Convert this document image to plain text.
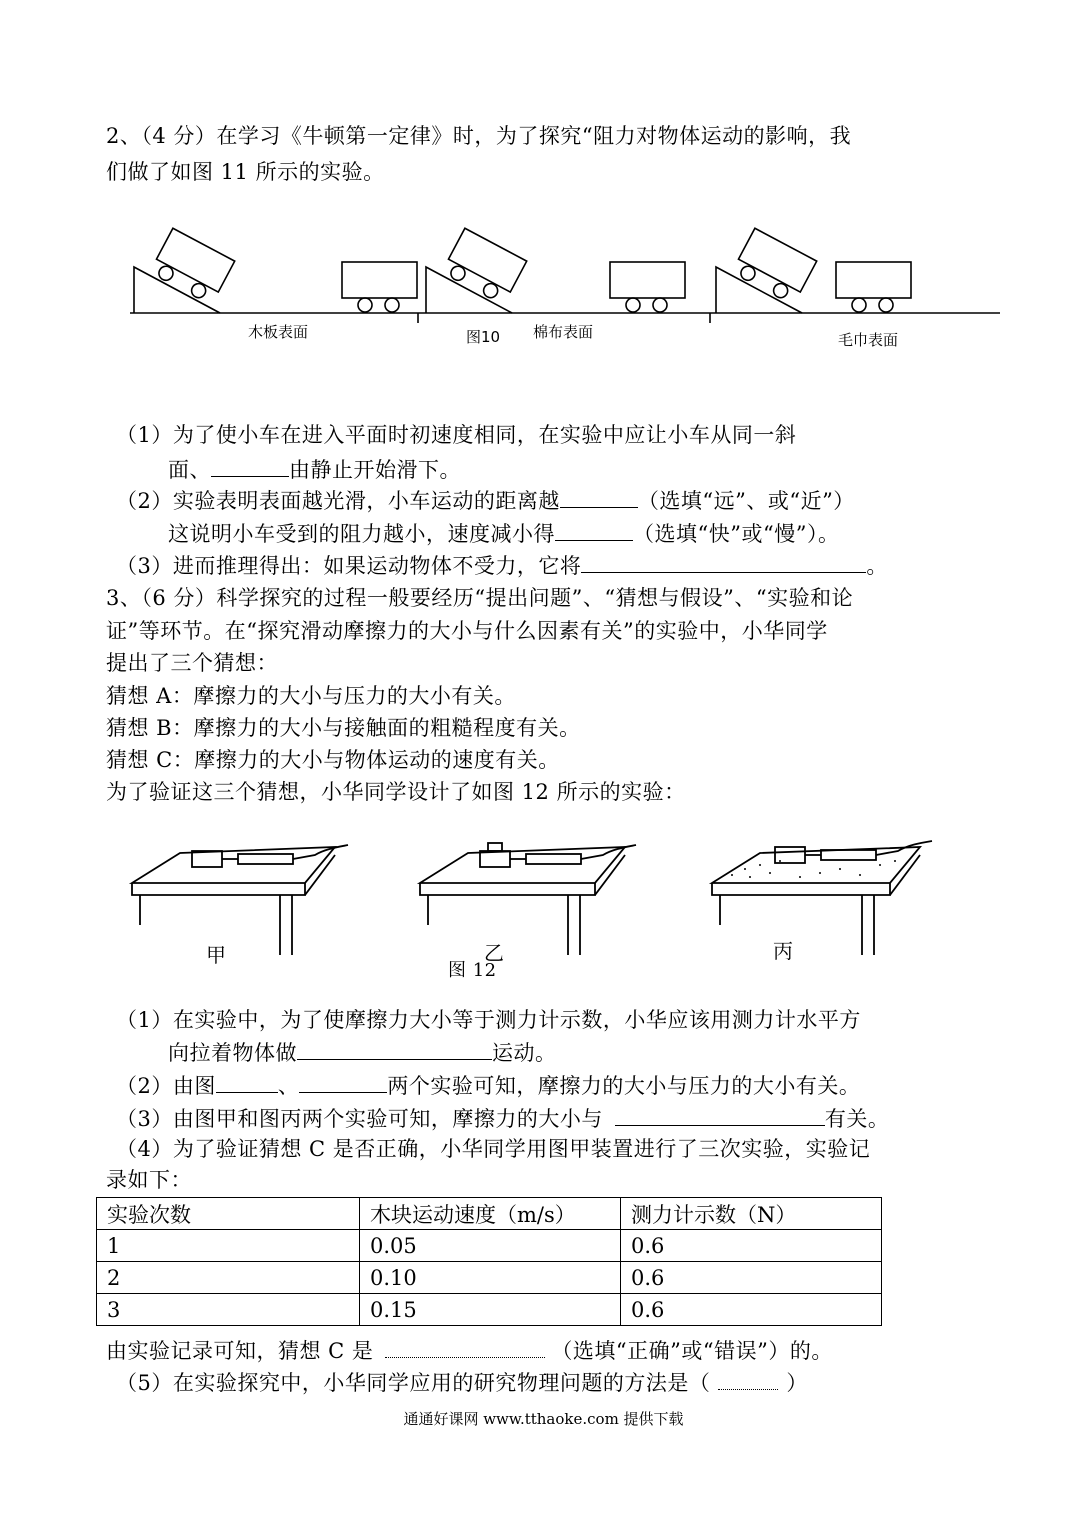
2、（4 分）在学习《牛顿第一定律》时，为了探究“阻力对物体运动的影响，我
们做了如图 11 所示的实验。
木板表面	图10 棉布表面	毛巾表面
（1）为了使小车在进入平面时初速度相同，在实验中应让小车从同一斜
面、	由静止开始滑下。
（2）实验表明表面越光滑，小车运动的距离越	（选填“远”、或“近”）
这说明小车受到的阻力越小，速度减小得	（选填“快”或“慢”）。
（3）进而推理得出：如果运动物体不受力，它将	。
3、（6 分）科学探究的过程一般要经历“提出问题”、“猜想与假设”、“实验和论
证”等环节。在“探究滑动摩擦力的大小与什么因素有关”的实验中，小华同学
提出了三个猜想：
猜想 A：摩擦力的大小与压力的大小有关。
猜想 B：摩擦力的大小与接触面的粗糙程度有关。
猜想 C：摩擦力的大小与物体运动的速度有关。
为了验证这三个猜想，小华同学设计了如图 12 所示的实验：
甲	乙	丙
图 12
（1）在实验中，为了使摩擦力大小等于测力计示数，小华应该用测力计水平方
向拉着物体做	运动。
（2）由图	、	两个实验可知，摩擦力的大小与压力的大小有关。
（3）由图甲和图丙两个实验可知，摩擦力的大小与	有关。
（4）为了验证猜想 C 是否正确，小华同学用图甲装置进行了三次实验，实验记
录如下：
实验次数	木块运动速度（m/s）	测力计示数（N）
1	0.05	0.6
2	0.10	0.6
3	0.15	0.6
由实验记录可知，猜想 C 是	（选填“正确”或“错误”）的。
（5）在实验探究中，小华同学应用的研究物理问题的方法是（	）
通通好课网 www.tthaoke.com 提供下载
